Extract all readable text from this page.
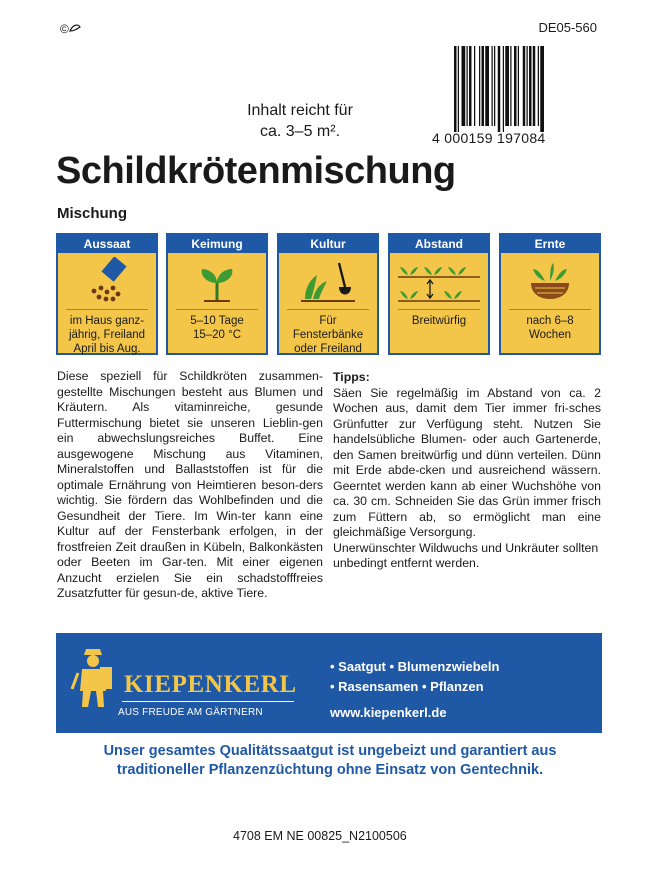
©	DE05-560
4 000159 197084
Inhalt reicht für
ca. 3–5 m².
Schildkrötenmischung
Mischung
Aussaat
im Haus ganz-
jährig, Freiland
April bis Aug.
Keimung
5–10 Tage
15–20 °C
Kultur
Für
Fensterbänke
oder Freiland
Abstand
Breitwürfig
Ernte
nach 6–8
Wochen
Diese speziell für Schildkröten zusammen-gestellte Mischungen besteht aus Blumen und Kräutern. Als vitaminreiche, gesunde Futtermischung bietet sie unseren Lieblin-gen ein abwechslungsreiches Buffet. Eine ausgewogene Mischung aus Vitaminen, Mineralstoffen und Ballaststoffen ist für die optimale Ernährung von Heimtieren beson-ders wichtig. Sie fördern das Wohlbefinden und die Gesundheit der Tiere. Im Win-ter kann eine Kultur auf der Fensterbank erfolgen, in der frostfreien Zeit draußen in Kübeln, Balkonkästen oder Beeten im Gar-ten. Mit einer eigenen Anzucht erzielen Sie ein schadstofffreies Zusatzfutter für gesun-de, aktive Tiere.
Tipps:
Säen Sie regelmäßig im Abstand von ca. 2 Wochen aus, damit dem Tier immer fri-sches Grünfutter zur Verfügung steht. Nutzen Sie handelsübliche Blumen- oder auch Gartenerde, den Samen breitwürfig und dünn verteilen. Dünn mit Erde abde-cken und ausreichend wässern. Geerntet werden kann ab einer Wuchshöhe von ca. 30 cm. Schneiden Sie das Grün immer frisch zum Füttern ab, so ermöglicht man eine gleichmäßige Versorgung.
Unerwünschter Wildwuchs und Unkräuter sollten unbedingt entfernt werden.
KIEPENKERL
AUS FREUDE AM GÄRTNERN
• Saatgut • Blumenzwiebeln
• Rasensamen • Pflanzen
www.kiepenkerl.de
Unser gesamtes Qualitätssaatgut ist ungebeizt und garantiert aus traditioneller Pflanzenzüchtung ohne Einsatz von Gentechnik.
4708 EM NE 00825_N2100506
